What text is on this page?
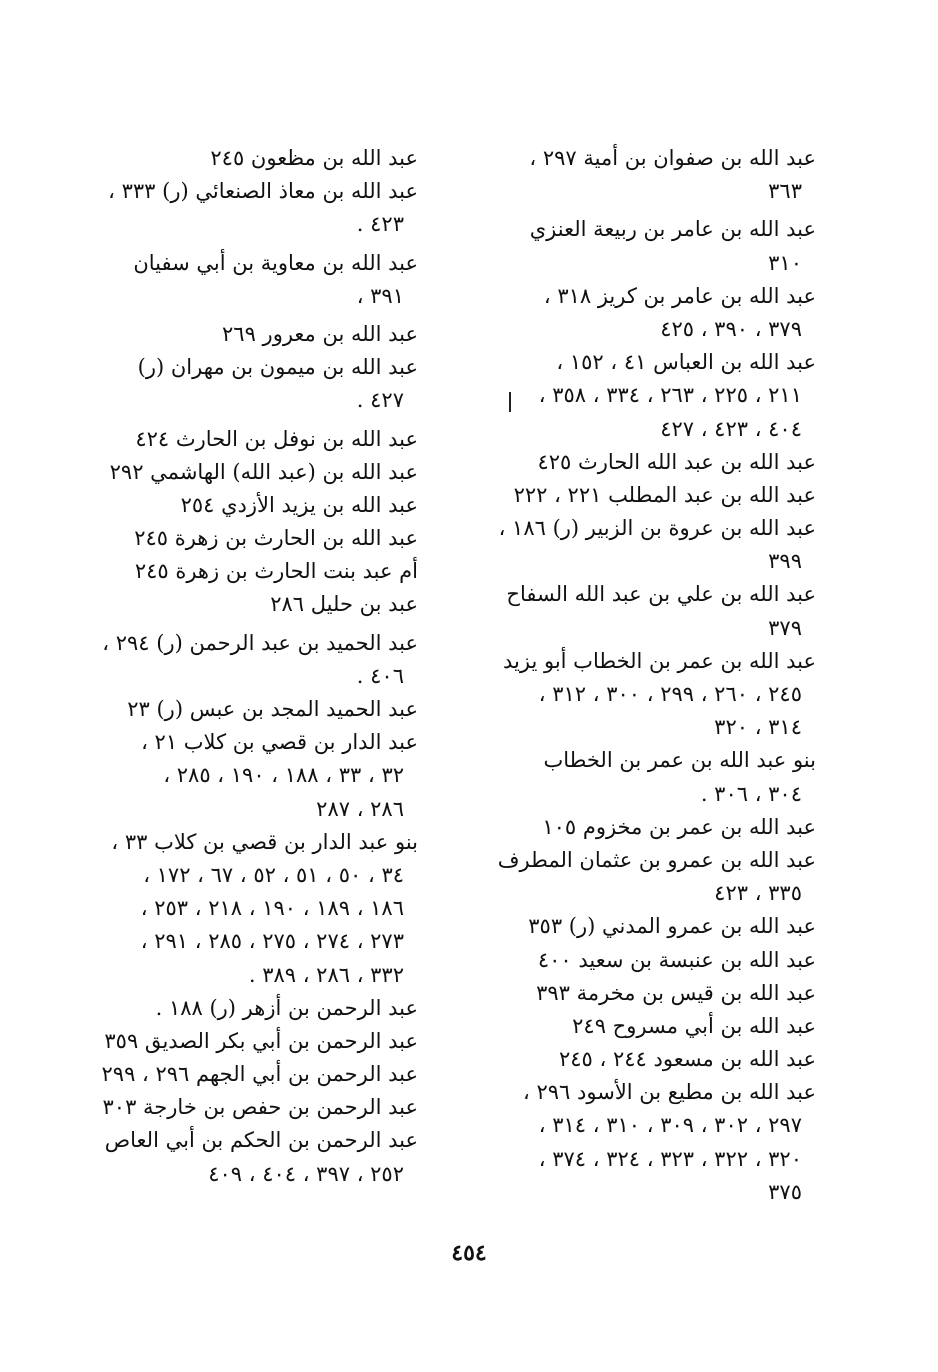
عبد الله بن صفوان بن أمية ٢٩٧ ،
٣٦٣
عبد الله بن عامر بن ربيعة العنزي
٣١٠
عبد الله بن عامر بن كريز ٣١٨ ،
٣٧٩ ، ٣٩٠ ، ٤٢٥
عبد الله بن العباس ٤١ ، ١٥٢ ،
٢١١ ، ٢٢٥ ، ٢٦٣ ، ٣٣٤ ، ٣٥٨ ،
٤٠٤ ، ٤٢٣ ، ٤٢٧
عبد الله بن عبد الله الحارث ٤٢٥
عبد الله بن عبد المطلب ٢٢١ ، ٢٢٢
عبد الله بن عروة بن الزبير (ر) ١٨٦ ،
٣٩٩
عبد الله بن علي بن عبد الله السفاح
٣٧٩
عبد الله بن عمر بن الخطاب أبو يزيد
٢٤٥ ، ٢٦٠ ، ٢٩٩ ، ٣٠٠ ، ٣١٢ ،
٣١٤ ، ٣٢٠
بنو عبد الله بن عمر بن الخطاب
٣٠٤ ، ٣٠٦ .
عبد الله بن عمر بن مخزوم ١٠٥
عبد الله بن عمرو بن عثمان المطرف
٣٣٥ ، ٤٢٣
عبد الله بن عمرو المدني (ر) ٣٥٣
عبد الله بن عنبسة بن سعيد ٤٠٠
عبد الله بن قيس بن مخرمة ٣٩٣
عبد الله بن أبي مسروح ٢٤٩
عبد الله بن مسعود ٢٤٤ ، ٢٤٥
عبد الله بن مطيع بن الأسود ٢٩٦ ،
٢٩٧ ، ٣٠٢ ، ٣٠٩ ، ٣١٠ ، ٣١٤ ،
٣٢٠ ، ٣٢٢ ، ٣٢٣ ، ٣٢٤ ، ٣٧٤ ،
٣٧٥
عبد الله بن مظعون ٢٤٥
عبد الله بن معاذ الصنعائي (ر) ٣٣٣ ،
٤٢٣ .
عبد الله بن معاوية بن أبي سفيان
٣٩١ ،
عبد الله بن معرور ٢٦٩
عبد الله بن ميمون بن مهران (ر)
٤٢٧ .
عبد الله بن نوفل بن الحارث ٤٢٤
عبد الله بن (عبد الله) الهاشمي ٢٩٢
عبد الله بن يزيد الأزدي ٢٥٤
عبد الله بن الحارث بن زهرة ٢٤٥
أم عبد بنت الحارث بن زهرة ٢٤٥
عبد بن حليل ٢٨٦
عبد الحميد بن عبد الرحمن (ر) ٢٩٤ ،
٤٠٦ .
عبد الحميد المجد بن عبس (ر) ٢٣
عبد الدار بن قصي بن كلاب ٢١ ،
٣٢ ، ٣٣ ، ١٨٨ ، ١٩٠ ، ٢٨٥ ،
٢٨٦ ، ٢٨٧
بنو عبد الدار بن قصي بن كلاب ٣٣ ،
٣٤ ، ٥٠ ، ٥١ ، ٥٢ ، ٦٧ ، ١٧٢ ،
١٨٦ ، ١٨٩ ، ١٩٠ ، ٢١٨ ، ٢٥٣ ،
٢٧٣ ، ٢٧٤ ، ٢٧٥ ، ٢٨٥ ، ٢٩١ ،
٣٣٢ ، ٢٨٦ ، ٣٨٩ .
عبد الرحمن بن أزهر (ر) ١٨٨ .
عبد الرحمن بن أبي بكر الصديق ٣٥٩
عبد الرحمن بن أبي الجهم ٢٩٦ ، ٢٩٩
عبد الرحمن بن حفص بن خارجة ٣٠٣
عبد الرحمن بن الحكم بن أبي العاص
٢٥٢ ، ٣٩٧ ، ٤٠٤ ، ٤٠٩
٤٥٤
